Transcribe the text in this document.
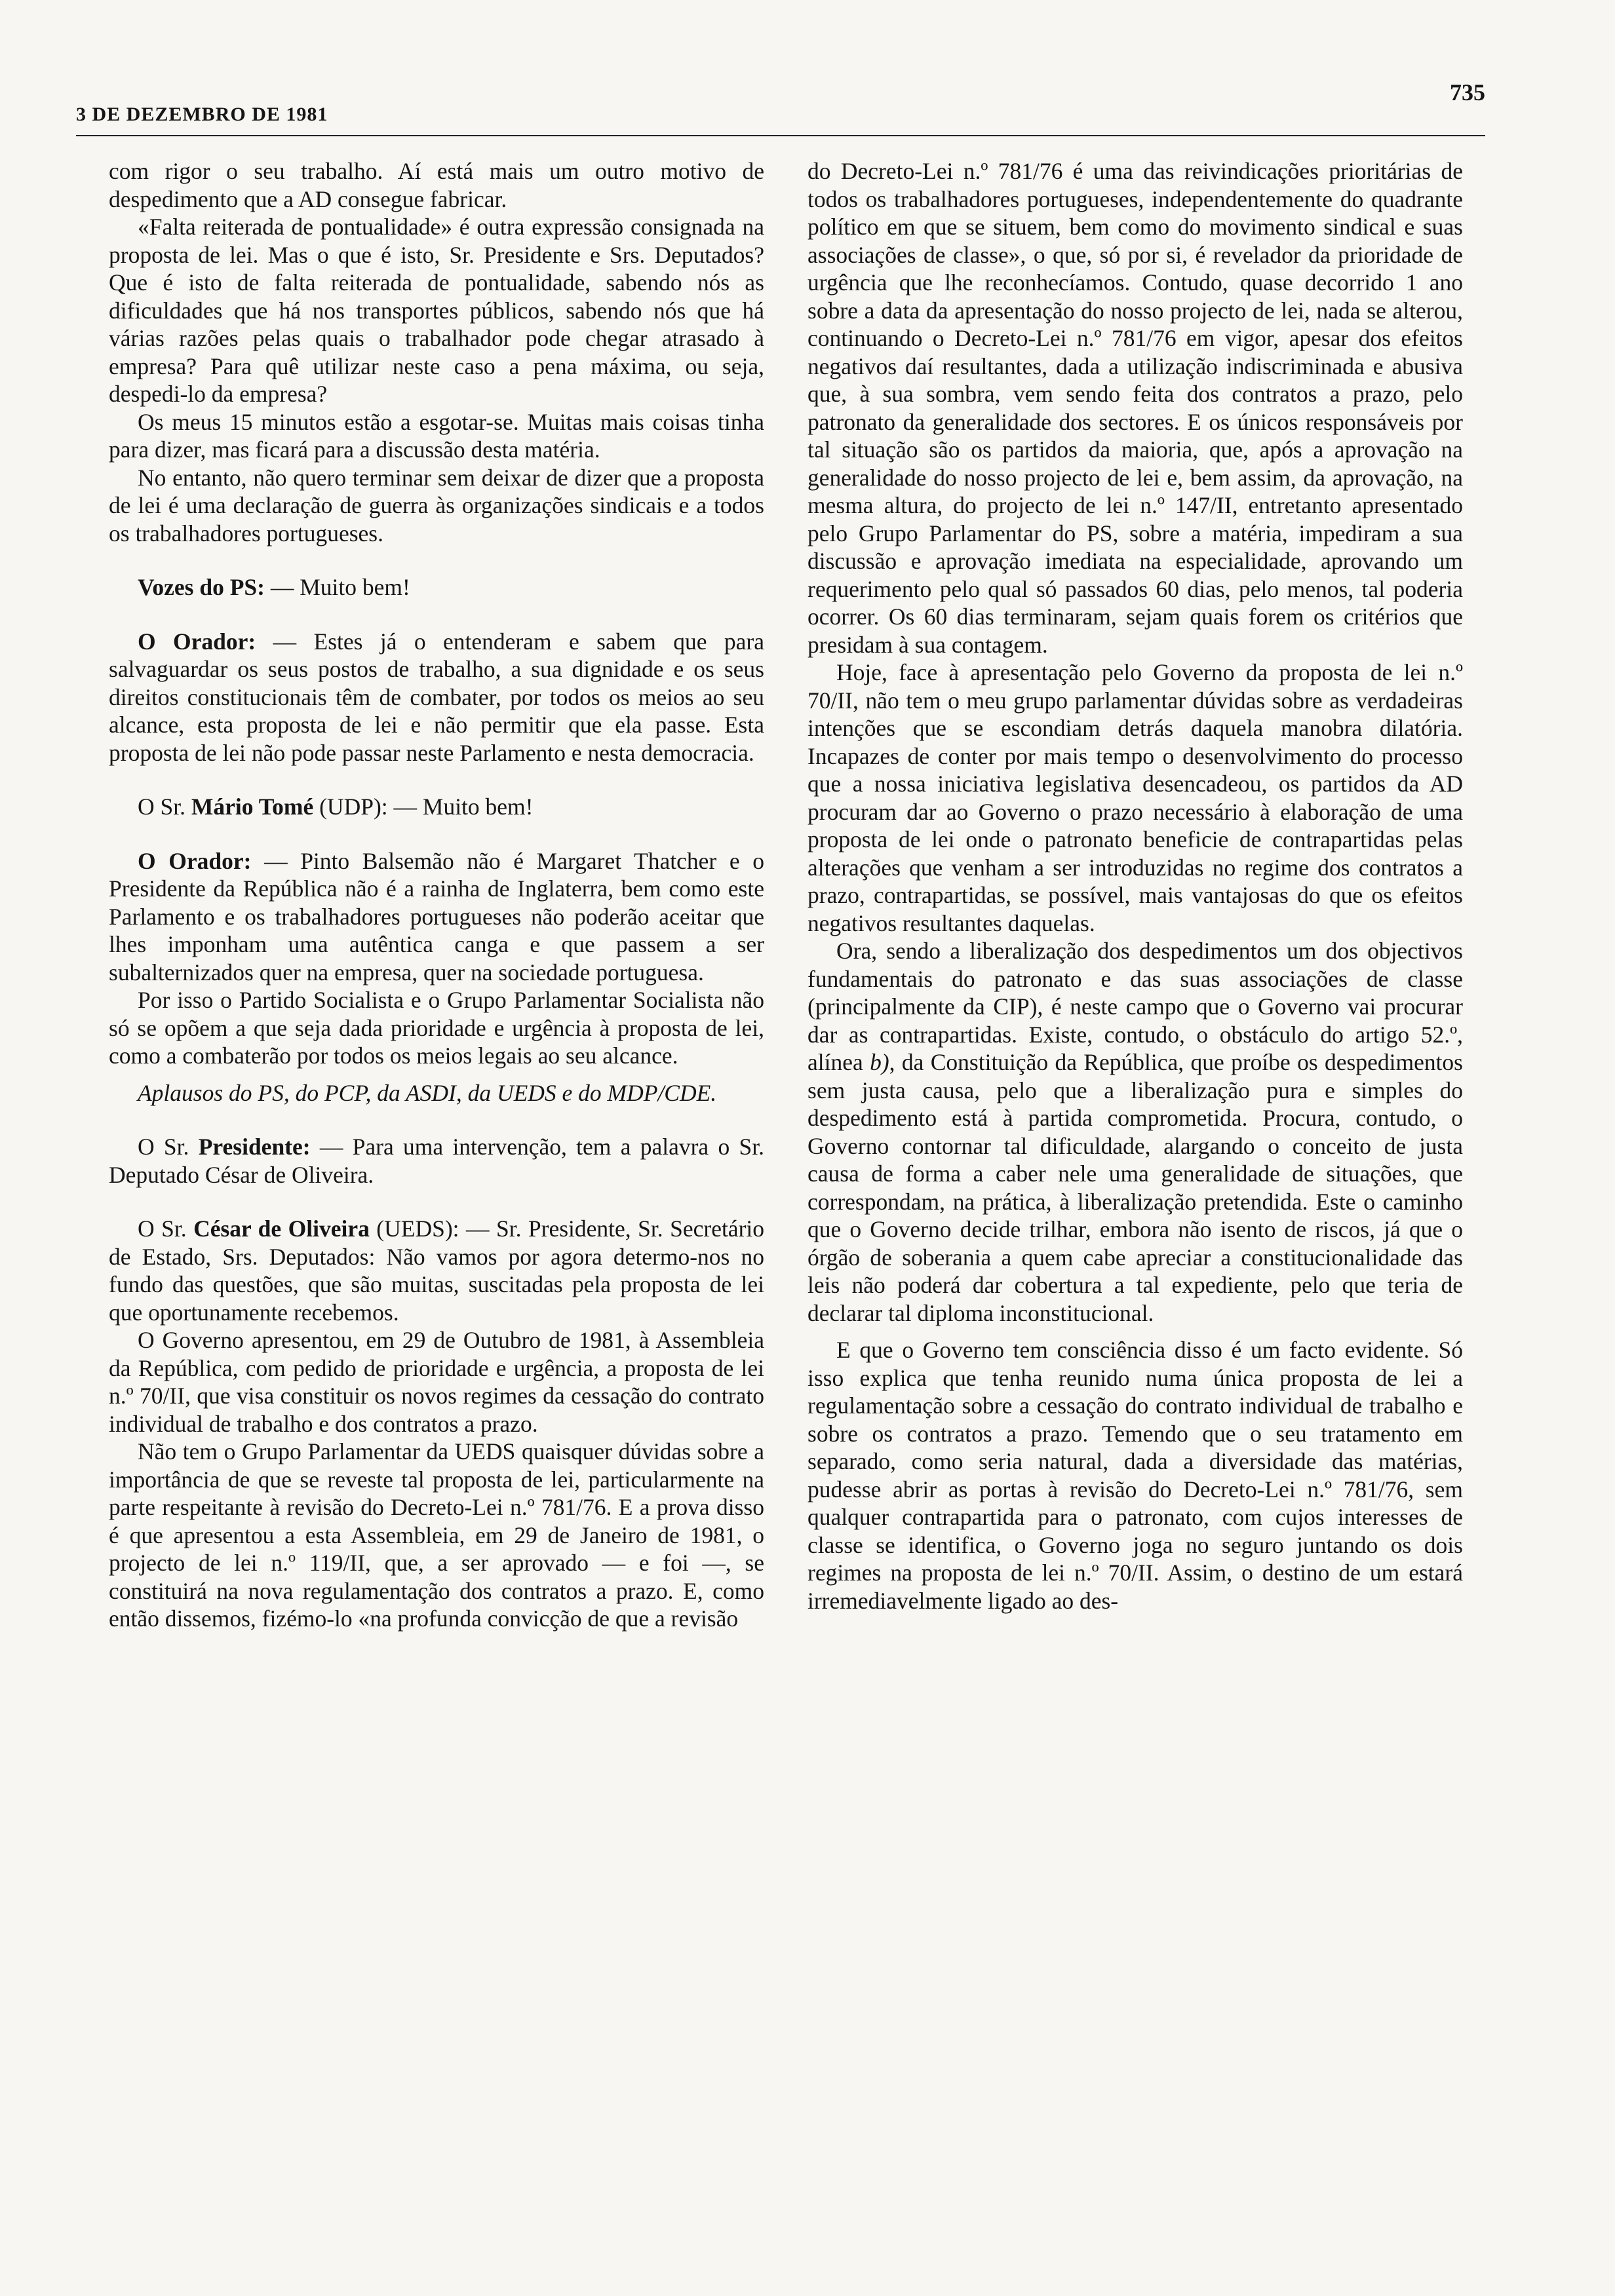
3 DE DEZEMBRO DE 1981
735

com rigor o seu trabalho. Aí está mais um outro motivo de despedimento que a AD consegue fabricar.

«Falta reiterada de pontualidade» é outra expressão consignada na proposta de lei. Mas o que é isto, Sr. Presidente e Srs. Deputados? Que é isto de falta reiterada de pontualidade, sabendo nós as dificuldades que há nos transportes públicos, sabendo nós que há várias razões pelas quais o trabalhador pode chegar atrasado à empresa? Para quê utilizar neste caso a pena máxima, ou seja, despedi-lo da empresa?

Os meus 15 minutos estão a esgotar-se. Muitas mais coisas tinha para dizer, mas ficará para a discussão desta matéria.

No entanto, não quero terminar sem deixar de dizer que a proposta de lei é uma declaração de guerra às organizações sindicais e a todos os trabalhadores portugueses.

Vozes do PS: — Muito bem!

O Orador: — Estes já o entenderam e sabem que para salvaguardar os seus postos de trabalho, a sua dignidade e os seus direitos constitucionais têm de combater, por todos os meios ao seu alcance, esta proposta de lei e não permitir que ela passe. Esta proposta de lei não pode passar neste Parlamento e nesta democracia.

O Sr. Mário Tomé (UDP): — Muito bem!

O Orador: — Pinto Balsemão não é Margaret Thatcher e o Presidente da República não é a rainha de Inglaterra, bem como este Parlamento e os trabalhadores portugueses não poderão aceitar que lhes imponham uma autêntica canga e que passem a ser subalternizados quer na empresa, quer na sociedade portuguesa.

Por isso o Partido Socialista e o Grupo Parlamentar Socialista não só se opõem a que seja dada prioridade e urgência à proposta de lei, como a combaterão por todos os meios legais ao seu alcance.

Aplausos do PS, do PCP, da ASDI, da UEDS e do MDP/CDE.

O Sr. Presidente: — Para uma intervenção, tem a palavra o Sr. Deputado César de Oliveira.

O Sr. César de Oliveira (UEDS): — Sr. Presidente, Sr. Secretário de Estado, Srs. Deputados: Não vamos por agora determo-nos no fundo das questões, que são muitas, suscitadas pela proposta de lei que oportunamente recebemos.

O Governo apresentou, em 29 de Outubro de 1981, à Assembleia da República, com pedido de prioridade e urgência, a proposta de lei n.º 70/II, que visa constituir os novos regimes da cessação do contrato individual de trabalho e dos contratos a prazo.

Não tem o Grupo Parlamentar da UEDS quaisquer dúvidas sobre a importância de que se reveste tal proposta de lei, particularmente na parte respeitante à revisão do Decreto-Lei n.º 781/76. E a prova disso é que apresentou a esta Assembleia, em 29 de Janeiro de 1981, o projecto de lei n.º 119/II, que, a ser aprovado — e foi —, se constituirá na nova regulamentação dos contratos a prazo. E, como então dissemos, fizémo-lo «na profunda convicção de que a revisão

do Decreto-Lei n.º 781/76 é uma das reivindicações prioritárias de todos os trabalhadores portugueses, independentemente do quadrante político em que se situem, bem como do movimento sindical e suas associações de classe», o que, só por si, é revelador da prioridade de urgência que lhe reconhecíamos. Contudo, quase decorrido 1 ano sobre a data da apresentação do nosso projecto de lei, nada se alterou, continuando o Decreto-Lei n.º 781/76 em vigor, apesar dos efeitos negativos daí resultantes, dada a utilização indiscriminada e abusiva que, à sua sombra, vem sendo feita dos contratos a prazo, pelo patronato da generalidade dos sectores. E os únicos responsáveis por tal situação são os partidos da maioria, que, após a aprovação na generalidade do nosso projecto de lei e, bem assim, da aprovação, na mesma altura, do projecto de lei n.º 147/II, entretanto apresentado pelo Grupo Parlamentar do PS, sobre a matéria, impediram a sua discussão e aprovação imediata na especialidade, aprovando um requerimento pelo qual só passados 60 dias, pelo menos, tal poderia ocorrer. Os 60 dias terminaram, sejam quais forem os critérios que presidam à sua contagem.

Hoje, face à apresentação pelo Governo da proposta de lei n.º 70/II, não tem o meu grupo parlamentar dúvidas sobre as verdadeiras intenções que se escondiam detrás daquela manobra dilatória. Incapazes de conter por mais tempo o desenvolvimento do processo que a nossa iniciativa legislativa desencadeou, os partidos da AD procuram dar ao Governo o prazo necessário à elaboração de uma proposta de lei onde o patronato beneficie de contrapartidas pelas alterações que venham a ser introduzidas no regime dos contratos a prazo, contrapartidas, se possível, mais vantajosas do que os efeitos negativos resultantes daquelas.

Ora, sendo a liberalização dos despedimentos um dos objectivos fundamentais do patronato e das suas associações de classe (principalmente da CIP), é neste campo que o Governo vai procurar dar as contrapartidas. Existe, contudo, o obstáculo do artigo 52.º, alínea b), da Constituição da República, que proíbe os despedimentos sem justa causa, pelo que a liberalização pura e simples do despedimento está à partida comprometida. Procura, contudo, o Governo contornar tal dificuldade, alargando o conceito de justa causa de forma a caber nele uma generalidade de situações, que correspondam, na prática, à liberalização pretendida. Este o caminho que o Governo decide trilhar, embora não isento de riscos, já que o órgão de soberania a quem cabe apreciar a constitucionalidade das leis não poderá dar cobertura a tal expediente, pelo que teria de declarar tal diploma inconstitucional.

E que o Governo tem consciência disso é um facto evidente. Só isso explica que tenha reunido numa única proposta de lei a regulamentação sobre a cessação do contrato individual de trabalho e sobre os contratos a prazo. Temendo que o seu tratamento em separado, como seria natural, dada a diversidade das matérias, pudesse abrir as portas à revisão do Decreto-Lei n.º 781/76, sem qualquer contrapartida para o patronato, com cujos interesses de classe se identifica, o Governo joga no seguro juntando os dois regimes na proposta de lei n.º 70/II. Assim, o destino de um estará irremediavelmente ligado ao des-
